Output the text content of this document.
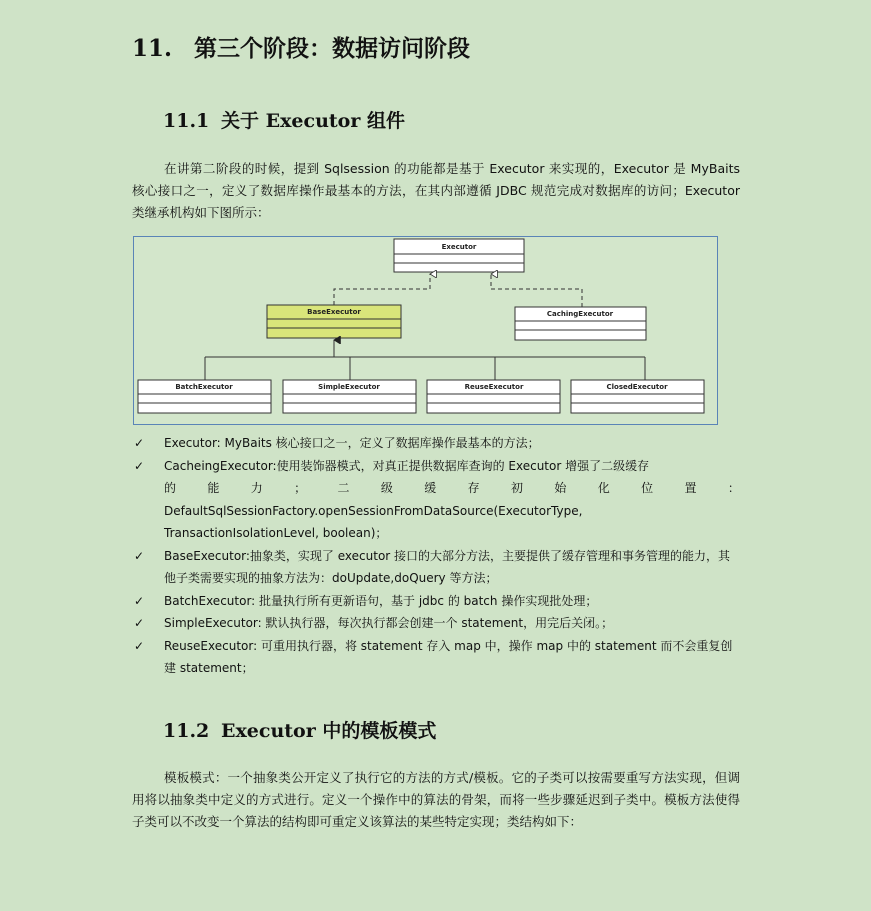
11. 第三个阶段：数据访问阶段
11.1 关于 Executor 组件

在讲第二阶段的时候，提到 Sqlsession 的功能都是基于 Executor 来实现的，Executor 是 MyBaits 核心接口之一，定义了数据库操作最基本的方法，在其内部遵循 JDBC 规范完成对数据库的访问；Executor 类继承机构如下图所示：

Executor
BaseExecutor	CachingExecutor
BatchExecutor	SimpleExecutor	ReuseExecutor	ClosedExecutor
✓ Executor: MyBaits 核心接口之一，定义了数据库操作最基本的方法；
✓ CacheingExecutor:使用装饰器模式，对真正提供数据库查询的 Executor 增强了二级缓存
的	能	力	；	二	级	缓	存	初	始	化	位	置	：
DefaultSqlSessionFactory.openSessionFromDataSource(ExecutorType,
TransactionIsolationLevel, boolean)；
✓ BaseExecutor:抽象类，实现了 executor 接口的大部分方法，主要提供了缓存管理和事务管理的能力，其他子类需要实现的抽象方法为：doUpdate,doQuery 等方法；
✓ BatchExecutor: 批量执行所有更新语句，基于 jdbc 的 batch 操作实现批处理；
✓ SimpleExecutor: 默认执行器，每次执行都会创建一个 statement，用完后关闭。；
✓ ReuseExecutor: 可重用执行器，将 statement 存入 map 中，操作 map 中的 statement 而不会重复创建 statement；
11.2 Executor 中的模板模式

模板模式：一个抽象类公开定义了执行它的方法的方式/模板。它的子类可以按需要重写方法实现，但调用将以抽象类中定义的方式进行。定义一个操作中的算法的骨架，而将一些步骤延迟到子类中。模板方法使得子类可以不改变一个算法的结构即可重定义该算法的某些特定实现；类结构如下：
